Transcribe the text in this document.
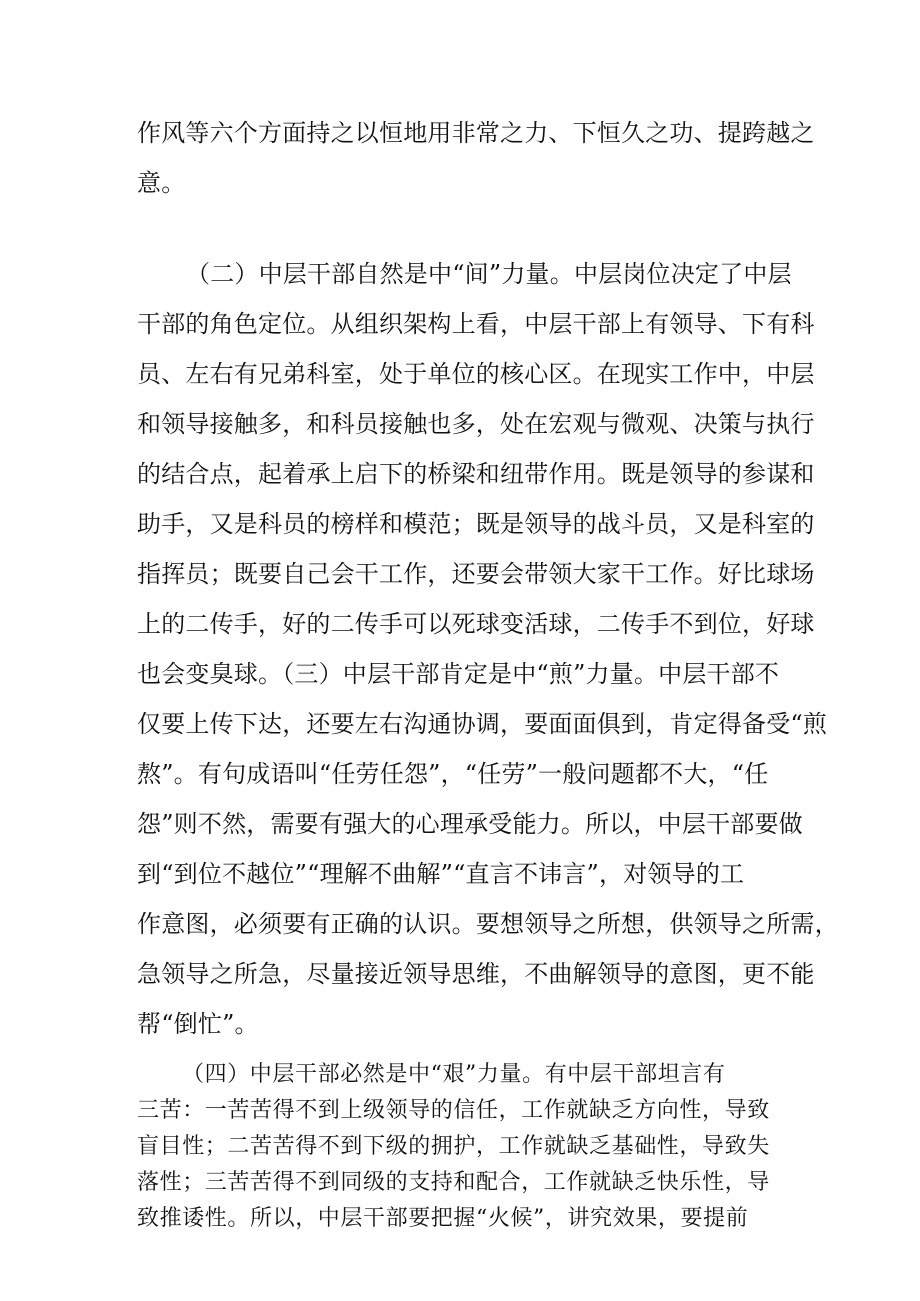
作风等六个方面持之以恒地用非常之力、下恒久之功、提跨越之
意。
（二）中层干部自然是中“间”力量。中层岗位决定了中层
干部的角色定位。从组织架构上看，中层干部上有领导、下有科
员、左右有兄弟科室，处于单位的核心区。在现实工作中，中层
和领导接触多，和科员接触也多，处在宏观与微观、决策与执行
的结合点，起着承上启下的桥梁和纽带作用。既是领导的参谋和
助手，又是科员的榜样和模范；既是领导的战斗员，又是科室的
指挥员；既要自己会干工作，还要会带领大家干工作。好比球场
上的二传手，好的二传手可以死球变活球，二传手不到位，好球
也会变臭球。（三）中层干部肯定是中“煎”力量。中层干部不
仅要上传下达，还要左右沟通协调，要面面俱到，肯定得备受“煎
熬”。有句成语叫“任劳任怨”，“任劳”一般问题都不大，“任
怨”则不然，需要有强大的心理承受能力。所以，中层干部要做
到“到位不越位”“理解不曲解”“直言不讳言”，对领导的工
作意图，必须要有正确的认识。要想领导之所想，供领导之所需，
急领导之所急，尽量接近领导思维，不曲解领导的意图，更不能
帮“倒忙”。
（四）中层干部必然是中“艰”力量。有中层干部坦言有
三苦：一苦苦得不到上级领导的信任，工作就缺乏方向性，导致
盲目性；二苦苦得不到下级的拥护，工作就缺乏基础性，导致失
落性；三苦苦得不到同级的支持和配合，工作就缺乏快乐性，导
致推诿性。所以，中层干部要把握“火候”，讲究效果，要提前
